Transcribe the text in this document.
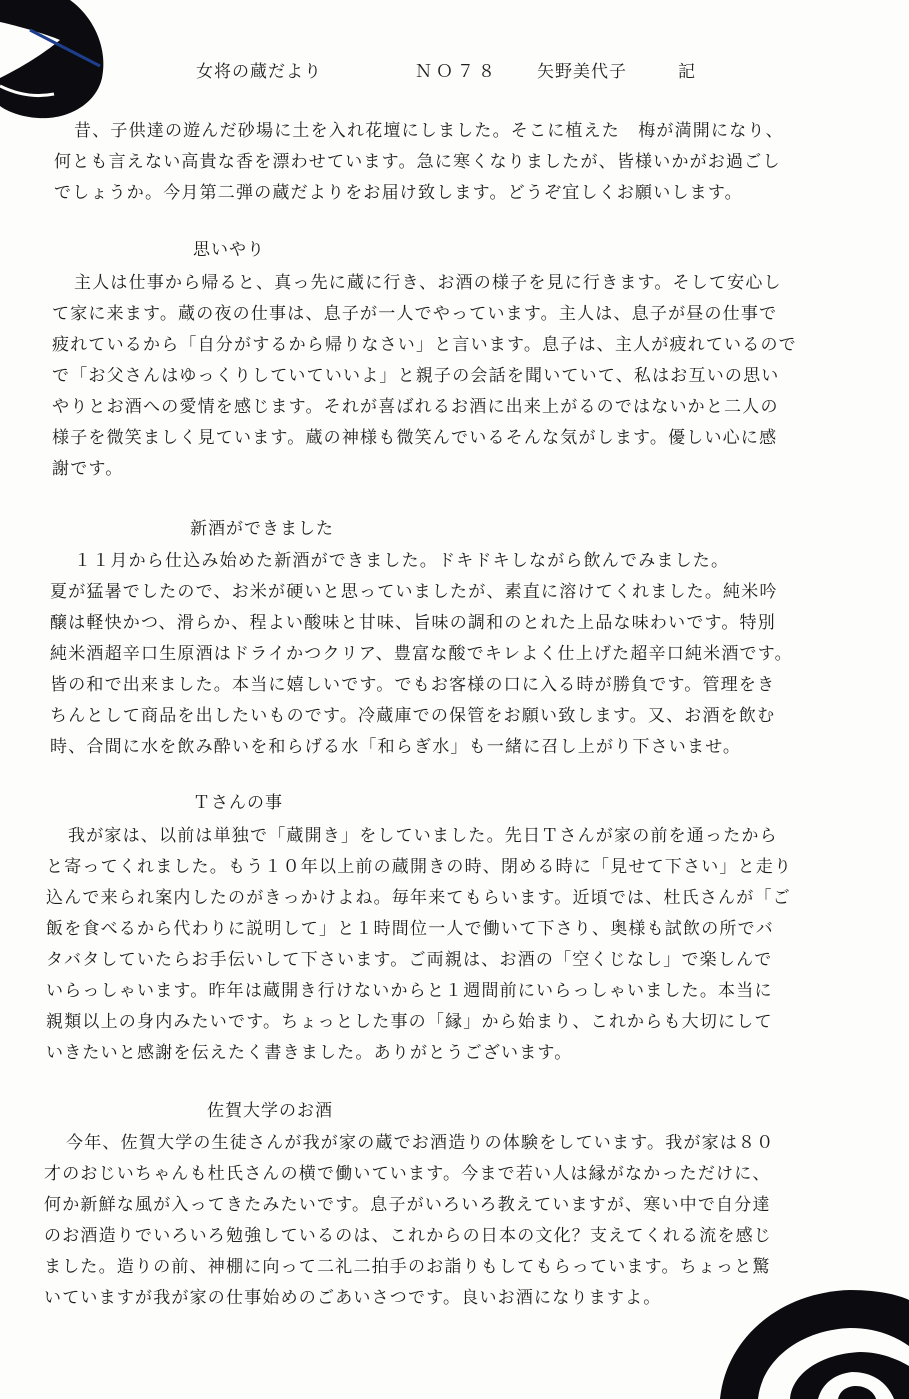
女将の蔵だより	ＮＯ７８ 矢野美代子	記
昔、子供達の遊んだ砂場に土を入れ花壇にしました。そこに植えた　梅が満開になり、
何とも言えない高貴な香を漂わせています。急に寒くなりましたが、皆様いかがお過ごし
でしょうか。今月第二弾の蔵だよりをお届け致します。どうぞ宜しくお願いします。
思いやり
主人は仕事から帰ると、真っ先に蔵に行き、お酒の様子を見に行きます。そして安心し
て家に来ます。蔵の夜の仕事は、息子が一人でやっています。主人は、息子が昼の仕事で
疲れているから「自分がするから帰りなさい」と言います。息子は、主人が疲れているので
で「お父さんはゆっくりしていていいよ」と親子の会話を聞いていて、私はお互いの思い
やりとお酒への愛情を感じます。それが喜ばれるお酒に出来上がるのではないかと二人の
様子を微笑ましく見ています。蔵の神様も微笑んでいるそんな気がします。優しい心に感
謝です。
新酒ができました
１１月から仕込み始めた新酒ができました。ドキドキしながら飲んでみました。
夏が猛暑でしたので、お米が硬いと思っていましたが、素直に溶けてくれました。純米吟
醸は軽快かつ、滑らか、程よい酸味と甘味、旨味の調和のとれた上品な味わいです。特別
純米酒超辛口生原酒はドライかつクリア、豊富な酸でキレよく仕上げた超辛口純米酒です。
皆の和で出来ました。本当に嬉しいです。でもお客様の口に入る時が勝負です。管理をき
ちんとして商品を出したいものです。冷蔵庫での保管をお願い致します。又、お酒を飲む
時、合間に水を飲み酔いを和らげる水「和らぎ水」も一緒に召し上がり下さいませ。
Ｔさんの事
我が家は、以前は単独で「蔵開き」をしていました。先日Ｔさんが家の前を通ったから
と寄ってくれました。もう１０年以上前の蔵開きの時、閉める時に「見せて下さい」と走り
込んで来られ案内したのがきっかけよね。毎年来てもらいます。近頃では、杜氏さんが「ご
飯を食べるから代わりに説明して」と１時間位一人で働いて下さり、奥様も試飲の所でバ
タバタしていたらお手伝いして下さいます。ご両親は、お酒の「空くじなし」で楽しんで
いらっしゃいます。昨年は蔵開き行けないからと１週間前にいらっしゃいました。本当に
親類以上の身内みたいです。ちょっとした事の「縁」から始まり、これからも大切にして
いきたいと感謝を伝えたく書きました。ありがとうございます。
佐賀大学のお酒
今年、佐賀大学の生徒さんが我が家の蔵でお酒造りの体験をしています。我が家は８０
才のおじいちゃんも杜氏さんの横で働いています。今まで若い人は縁がなかっただけに、
何か新鮮な風が入ってきたみたいです。息子がいろいろ教えていますが、寒い中で自分達
のお酒造りでいろいろ勉強しているのは、これからの日本の文化？支えてくれる流を感じ
ました。造りの前、神棚に向って二礼二拍手のお詣りもしてもらっています。ちょっと驚
いていますが我が家の仕事始めのごあいさつです。良いお酒になりますよ。
